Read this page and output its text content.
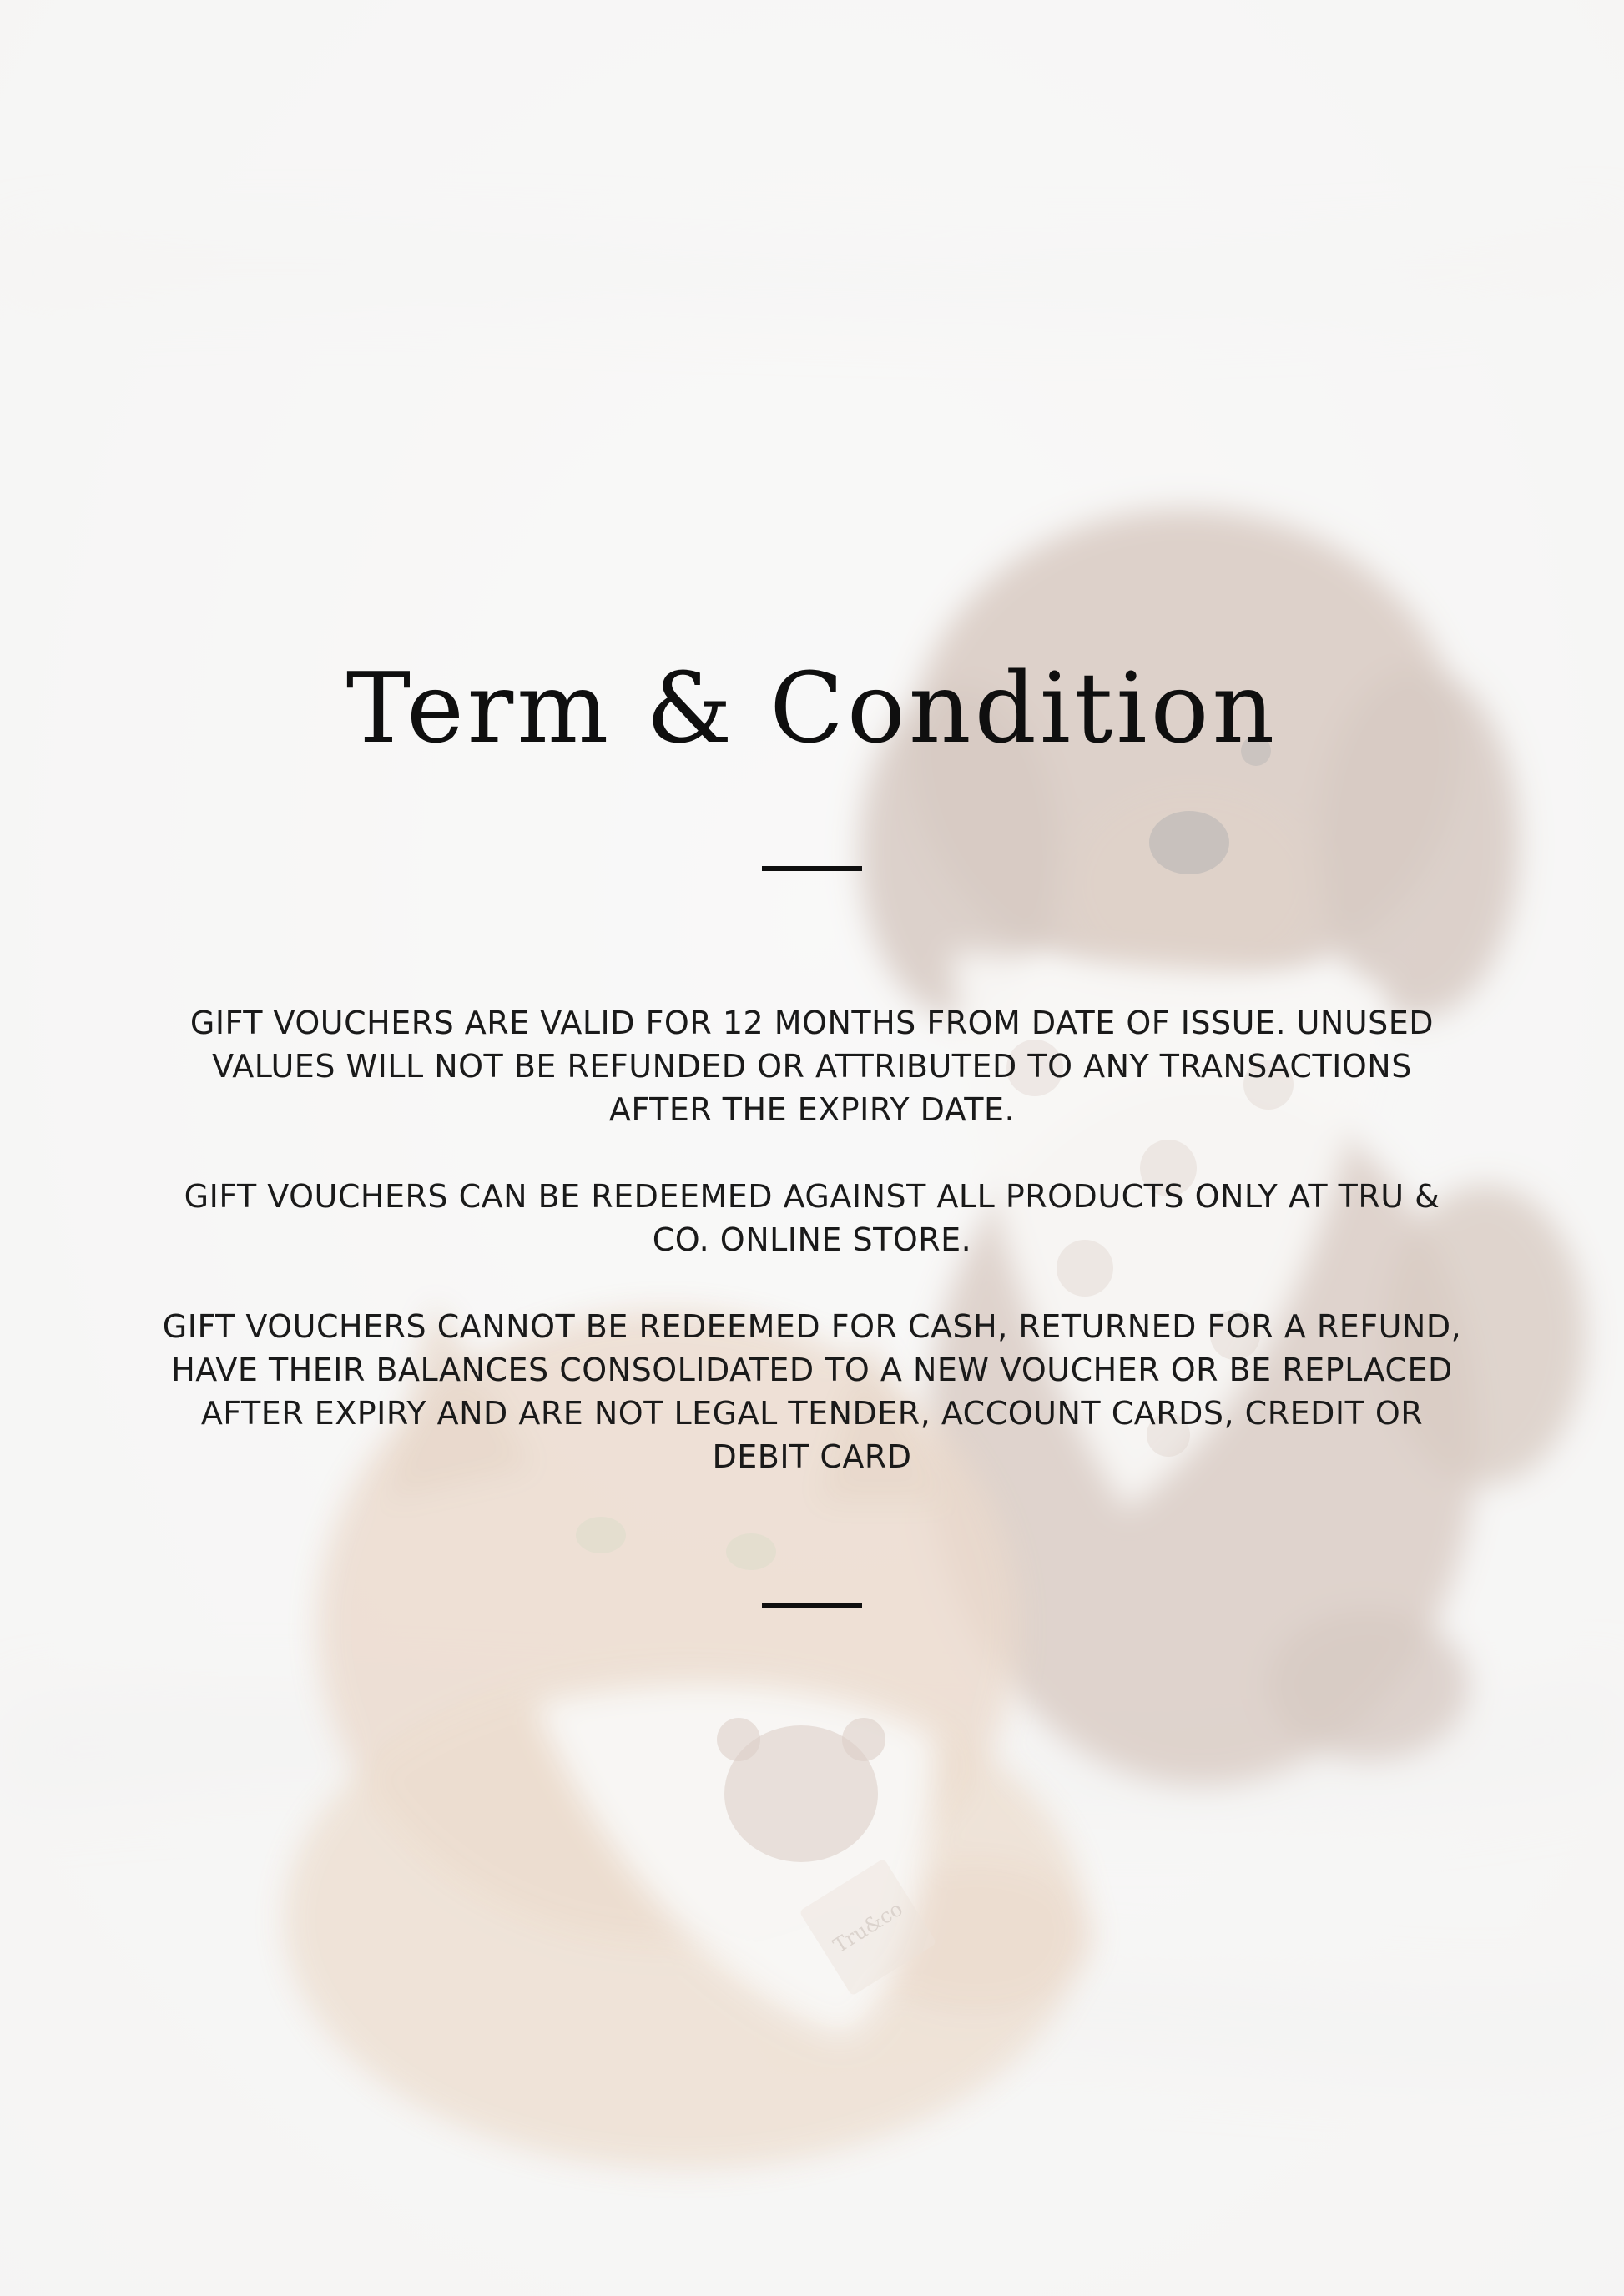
Term & Condition

GIFT VOUCHERS ARE VALID FOR 12 MONTHS FROM DATE OF ISSUE. UNUSED VALUES WILL NOT BE REFUNDED OR ATTRIBUTED TO ANY TRANSACTIONS AFTER THE EXPIRY DATE.

GIFT VOUCHERS CAN BE REDEEMED AGAINST ALL PRODUCTS ONLY AT TRU & CO. ONLINE STORE.

GIFT VOUCHERS CANNOT BE REDEEMED FOR CASH, RETURNED FOR A REFUND, HAVE THEIR BALANCES CONSOLIDATED TO A NEW VOUCHER OR BE REPLACED AFTER EXPIRY AND ARE NOT LEGAL TENDER, ACCOUNT CARDS, CREDIT OR DEBIT CARD
